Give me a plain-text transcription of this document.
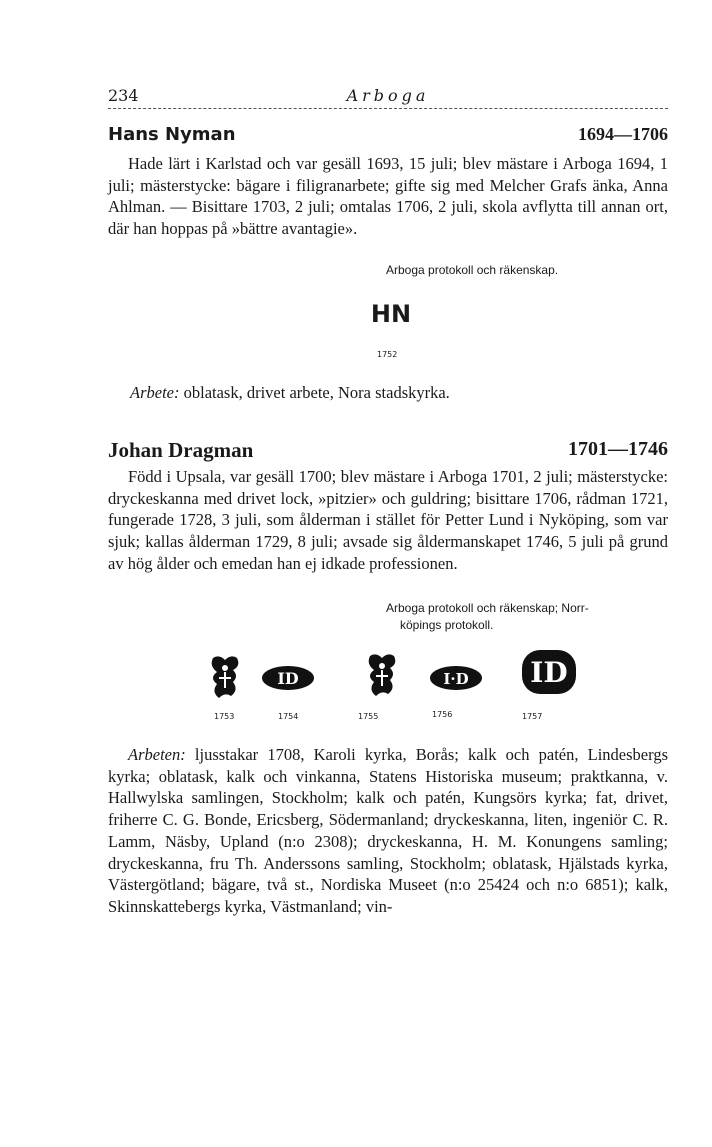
234	Arboga
Hans Nyman	1694—1706

Hade lärt i Karlstad och var gesäll 1693, 15 juli; blev mästare i Arboga 1694, 1 juli; mästerstycke: bägare i filigranarbete; gifte sig med Melcher Grafs änka, Anna Ahlman. — Bisittare 1703, 2 juli; omtalas 1706, 2 juli, skola avflytta till annan ort, där han hoppas på »bättre avantagie».

Arboga protokoll och räkenskap.

HN
1752

Arbete: oblatask, drivet arbete, Nora stadskyrka.

Johan Dragman	1701—1746

Född i Upsala, var gesäll 1700; blev mästare i Arboga 1701, 2 juli; mästerstycke: dryckeskanna med drivet lock, »pitzier» och guldring; bisittare 1706, rådman 1721, fungerade 1728, 3 juli, som ålderman i stället för Petter Lund i Nyköping, som var sjuk; kallas ålderman 1729, 8 juli; avsade sig åldermanskapet 1746, 5 juli på grund av hög ålder och emedan han ej idkade professionen.

Arboga protokoll och räkenskap; Norr-

köpings protokoll.

ID	I·D ID
1753	1754	1755	1756	1757

Arbeten: ljusstakar 1708, Karoli kyrka, Borås; kalk och patén, Lindesbergs kyrka; oblatask, kalk och vinkanna, Statens Historiska museum; praktkanna, v. Hallwylska samlingen, Stockholm; kalk och patén, Kungsörs kyrka; fat, drivet, friherre C. G. Bonde, Ericsberg, Södermanland; dryckeskanna, liten, ingeniör C. R. Lamm, Näsby, Upland (n:o 2308); dryckeskanna, H. M. Konungens samling; dryckeskanna, fru Th. Anderssons samling, Stockholm; oblatask, Hjälstads kyrka, Västergötland; bägare, två st., Nordiska Museet (n:o 25424 och n:o 6851); kalk, Skinnskattebergs kyrka, Västmanland; vin-
